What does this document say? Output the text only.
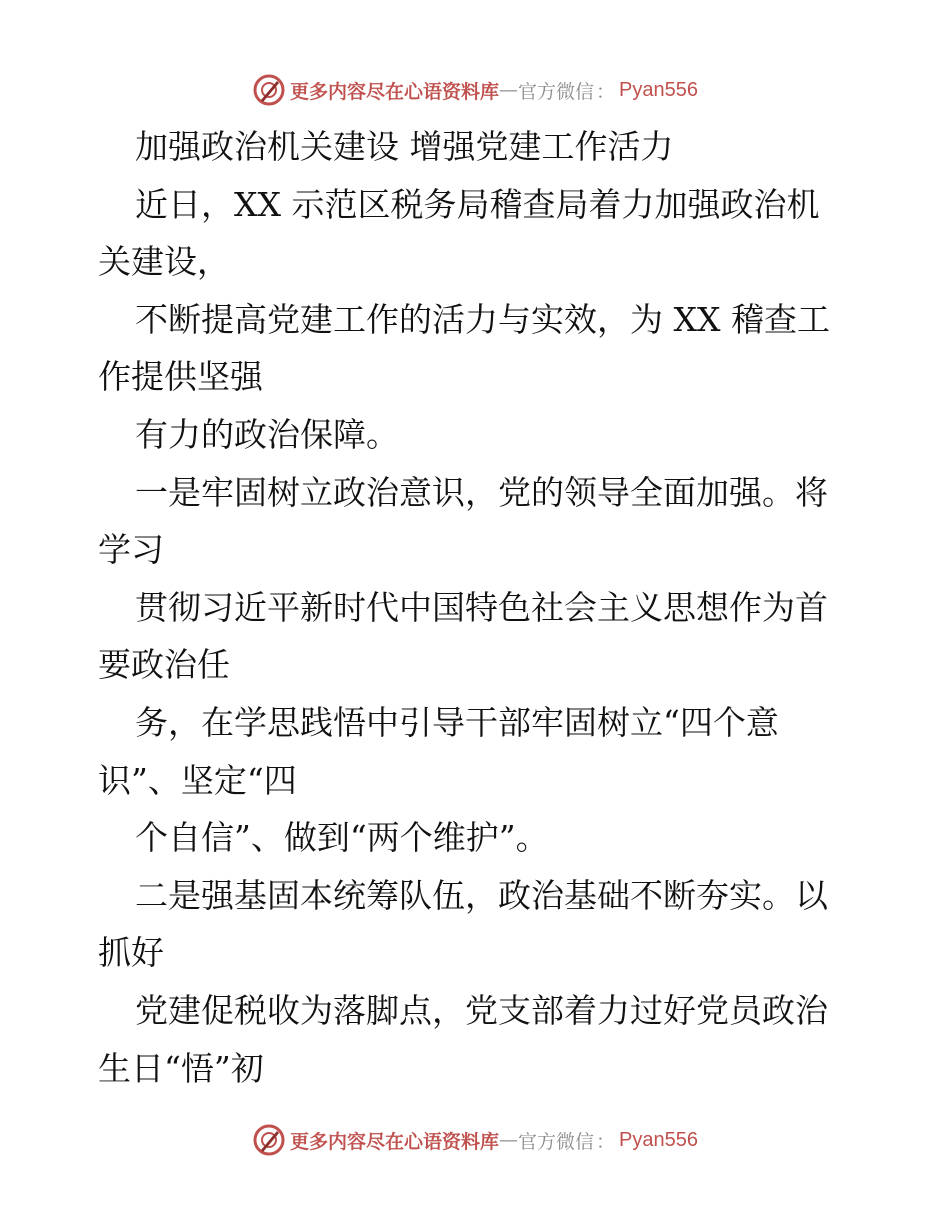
更多内容尽在心语资料库 — 官方微信 ： Pyan556
加强政治机关建设 增强党建工作活力
近日，XX 示范区税务局稽查局着力加强政治机
关建设，
不断提高党建工作的活力与实效，为 XX 稽查工
作提供坚强
有力的政治保障。
一是牢固树立政治意识，党的领导全面加强。将
学习
贯彻习近平新时代中国特色社会主义思想作为首
要政治任
务，在学思践悟中引导干部牢固树立“四个意
识”、坚定“四
个自信”、做到“两个维护”。
二是强基固本统筹队伍，政治基础不断夯实。以
抓好
党建促税收为落脚点，党支部着力过好党员政治
生日“悟”初
更多内容尽在心语资料库 — 官方微信 ： Pyan556
